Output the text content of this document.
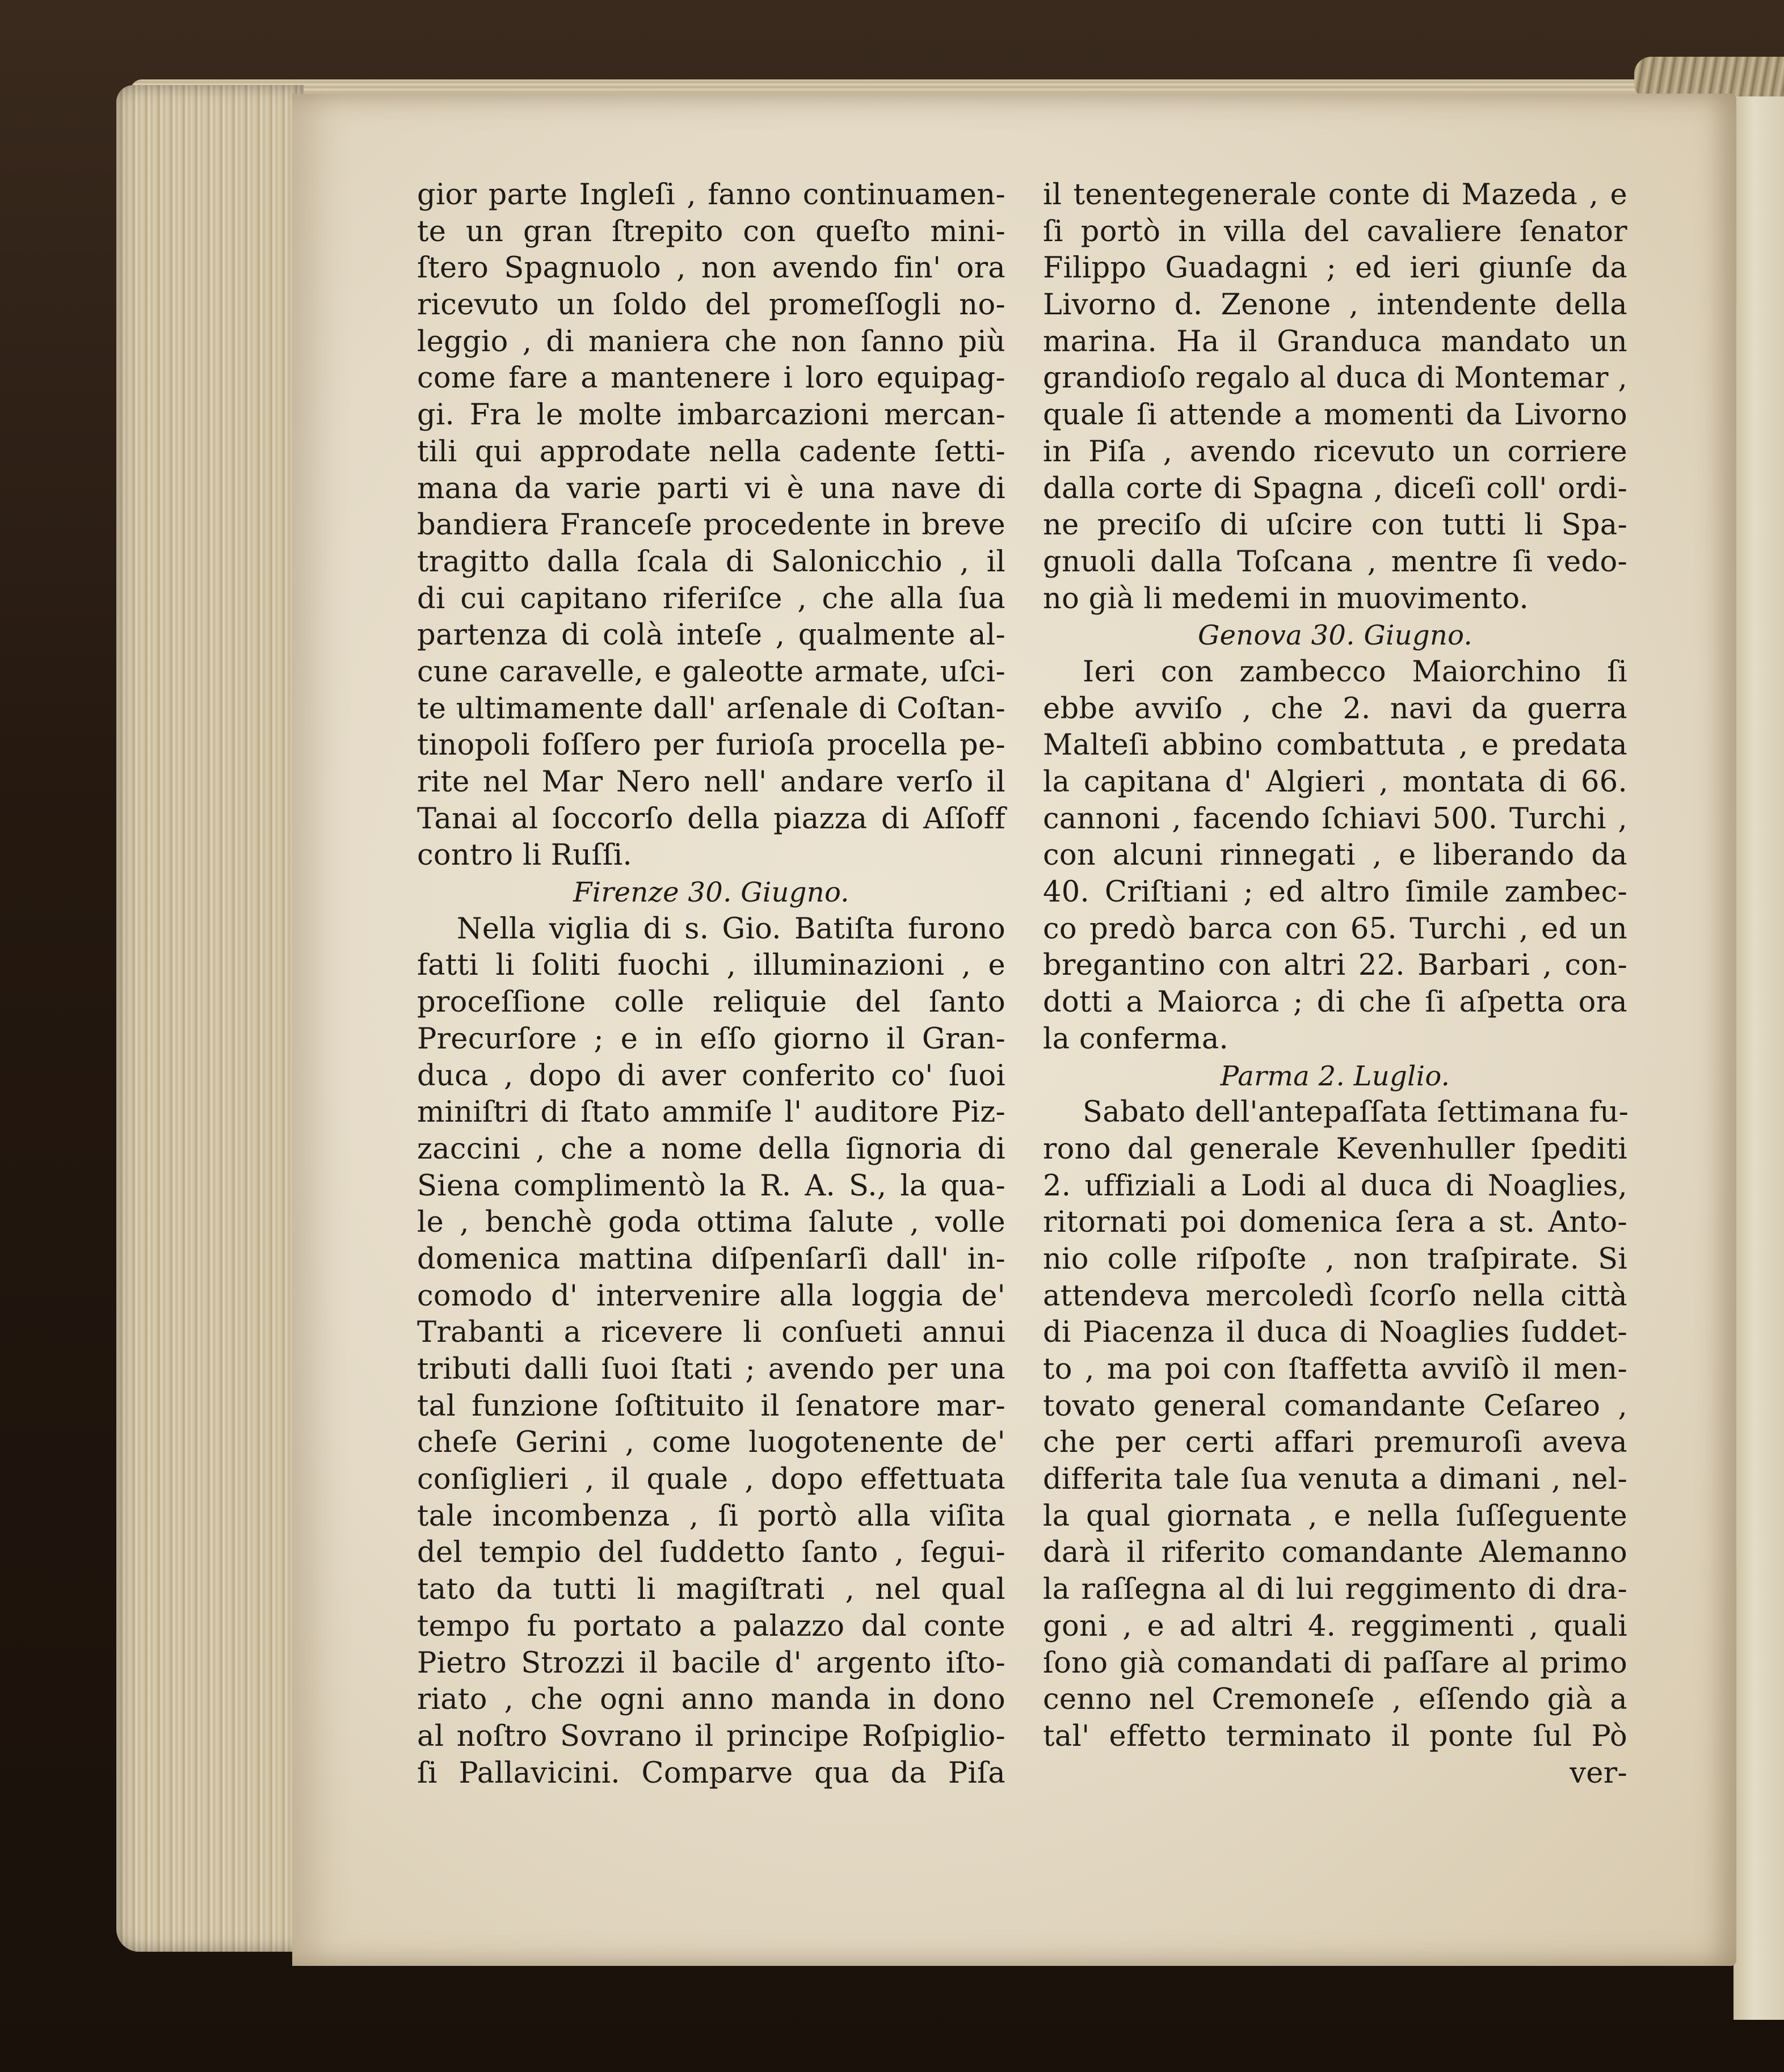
gior parte Ingleſi , fanno continuamen-
te un gran ſtrepito con queſto mini-
ſtero Spagnuolo , non avendo fin' ora
ricevuto un ſoldo del promeſſogli no-
leggio , di maniera che non ſanno più
come fare a mantenere i loro equipag-
gi. Fra le molte imbarcazioni mercan-
tili qui approdate nella cadente ſetti-
mana da varie parti vi è una nave di
bandiera Franceſe procedente in breve
tragitto dalla ſcala di Salonicchio , il
di cui capitano riferiſce , che alla ſua
partenza di colà inteſe , qualmente al-
cune caravelle, e galeotte armate, uſci-
te ultimamente dall' arſenale di Coſtan-
tinopoli foſſero per furioſa procella pe-
rite nel Mar Nero nell' andare verſo il
Tanai al ſoccorſo della piazza di Aſſoff
contro li Ruſſi.
Firenze 30. Giugno.
Nella viglia di s. Gio. Batiſta furono
fatti li ſoliti fuochi , illuminazioni , e
proceſſione colle reliquie del ſanto
Precurſore ; e in eſſo giorno il Gran-
duca , dopo di aver conferito co' ſuoi
miniſtri di ſtato ammiſe l' auditore Piz-
zaccini , che a nome della ſignoria di
Siena complimentò la R. A. S., la qua-
le , benchè goda ottima ſalute , volle
domenica mattina diſpenſarſi dall' in-
comodo d' intervenire alla loggia de'
Trabanti a ricevere li conſueti annui
tributi dalli ſuoi ſtati ; avendo per una
tal funzione ſoſtituito il ſenatore mar-
cheſe Gerini , come luogotenente de'
conſiglieri , il quale , dopo effettuata
tale incombenza , ſi portò alla viſita
del tempio del ſuddetto ſanto , ſegui-
tato da tutti li magiſtrati , nel qual
tempo fu portato a palazzo dal conte
Pietro Strozzi il bacile d' argento iſto-
riato , che ogni anno manda in dono
al noſtro Sovrano il principe Roſpiglio-
ſi Pallavicini. Comparve qua da Piſa
il tenentegenerale conte di Mazeda , e
ſi portò in villa del cavaliere ſenator
Filippo Guadagni ; ed ieri giunſe da
Livorno d. Zenone , intendente della
marina. Ha il Granduca mandato un
grandioſo regalo al duca di Montemar ,
quale ſi attende a momenti da Livorno
in Piſa , avendo ricevuto un corriere
dalla corte di Spagna , diceſi coll' ordi-
ne preciſo di uſcire con tutti li Spa-
gnuoli dalla Toſcana , mentre ſi vedo-
no già li medemi in muovimento.
Genova 30. Giugno.
Ieri con zambecco Maiorchino ſi
ebbe avviſo , che 2. navi da guerra
Malteſi abbino combattuta , e predata
la capitana d' Algieri , montata di 66.
cannoni , facendo ſchiavi 500. Turchi ,
con alcuni rinnegati , e liberando da
40. Criſtiani ; ed altro ſimile zambec-
co predò barca con 65. Turchi , ed un
bregantino con altri 22. Barbari , con-
dotti a Maiorca ; di che ſi aſpetta ora
la conferma.
Parma 2. Luglio.
Sabato dell'antepaſſata ſettimana fu-
rono dal generale Kevenhuller ſpediti
2. uffiziali a Lodi al duca di Noaglies,
ritornati poi domenica ſera a st. Anto-
nio colle riſpoſte , non traſpirate. Si
attendeva mercoledì ſcorſo nella città
di Piacenza il duca di Noaglies ſuddet-
to , ma poi con ſtaffetta avviſò il men-
tovato general comandante Ceſareo ,
che per certi affari premuroſi aveva
differita tale ſua venuta a dimani , nel-
la qual giornata , e nella ſuſſeguente
darà il riferito comandante Alemanno
la raſſegna al di lui reggimento di dra-
goni , e ad altri 4. reggimenti , quali
ſono già comandati di paſſare al primo
cenno nel Cremoneſe , eſſendo già a
tal' effetto terminato il ponte ſul Pò
ver-
